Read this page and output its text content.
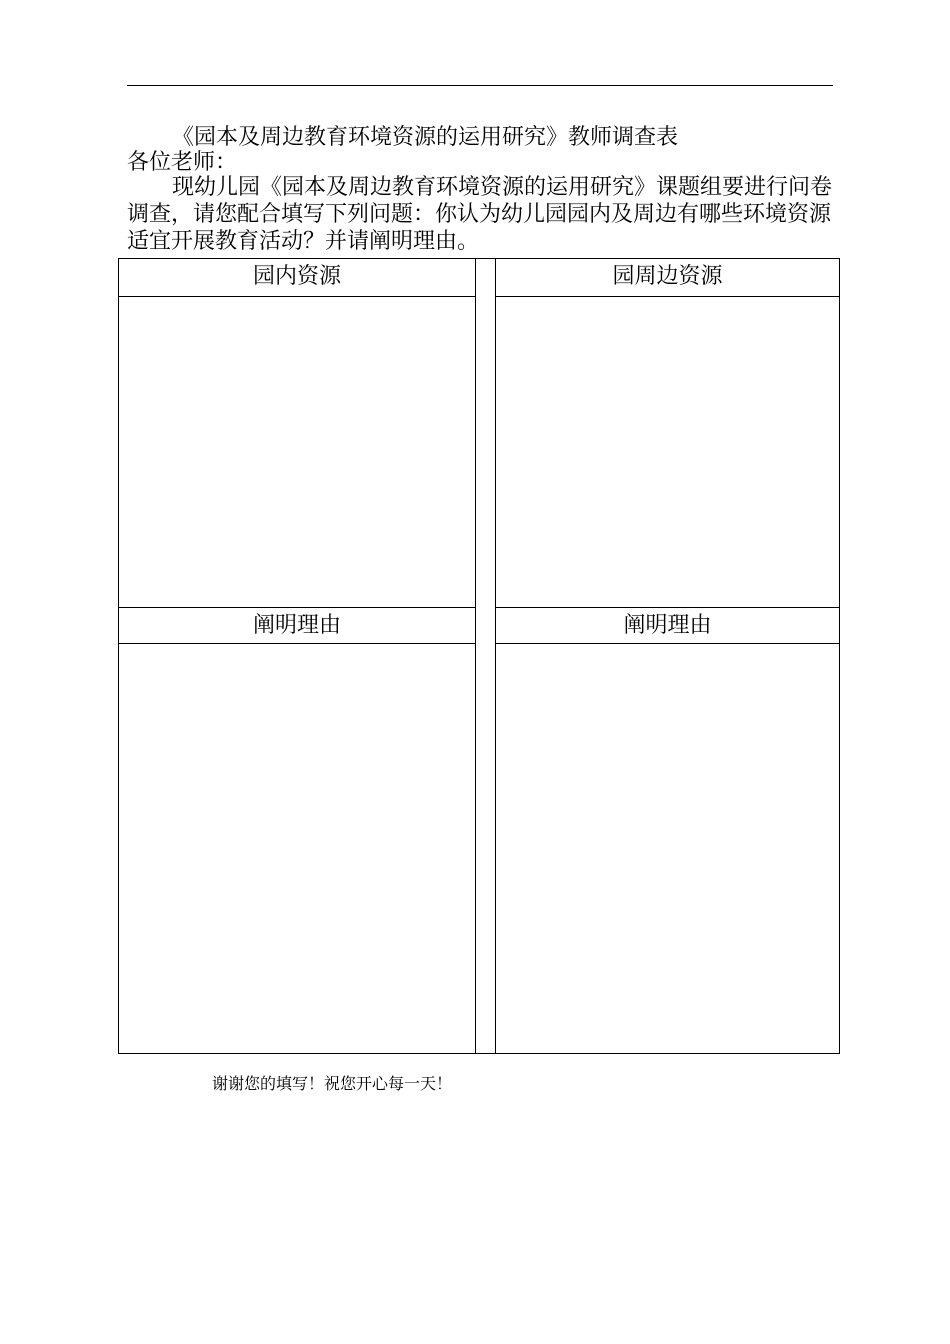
《园本及周边教育环境资源的运用研究》教师调查表
各位老师：
现幼儿园《园本及周边教育环境资源的运用研究》课题组要进行问卷调查，请您配合填写下列问题：你认为幼儿园园内及周边有哪些环境资源适宜开展教育活动？并请阐明理由。
园内资源
阐明理由
园周边资源
阐明理由
谢谢您的填写！祝您开心每一天！
